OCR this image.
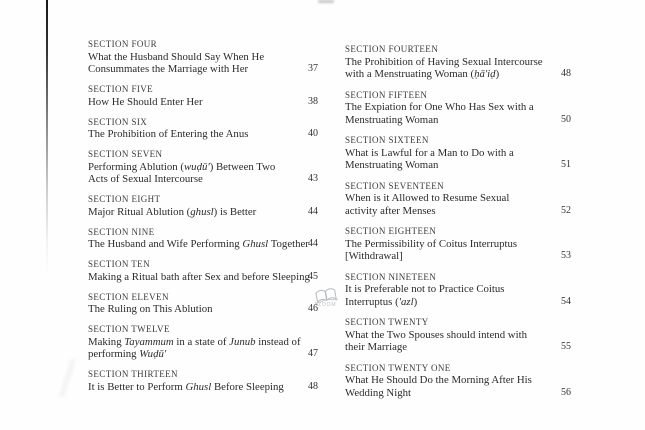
SECTION FOUR
What the Husband Should Say When He
Consummates the Marriage with Her	37
SECTION FIVE
How He Should Enter Her	38
SECTION SIX
The Prohibition of Entering the Anus	40
SECTION SEVEN
Performing Ablution (wuḍū') Between Two
Acts of Sexual Intercourse	43
SECTION EIGHT
Major Ritual Ablution (ghusl) is Better	44
SECTION NINE
The Husband and Wife Performing Ghusl Together 44
SECTION TEN
Making a Ritual bath after Sex and before Sleeping
45
SECTION ELEVEN
The Ruling on This Ablution	46
SECTION TWELVE
Making Tayammum in a state of Junub instead of
performing Wuḍū'	47
SECTION THIRTEEN
It is Better to Perform Ghusl Before Sleeping	48
SECTION FOURTEEN
The Prohibition of Having Sexual Intercourse
with a Menstruating Woman (ḥā'iḍ)	48
SECTION FIFTEEN
The Expiation for One Who Has Sex with a
Menstruating Woman	50
SECTION SIXTEEN
What is Lawful for a Man to Do with a
Menstruating Woman	51
SECTION SEVENTEEN
When is it Allowed to Resume Sexual
activity after Menses	52
SECTION EIGHTEEN
The Permissibility of Coitus Interruptus
[Withdrawal]	53
SECTION NINETEEN
It is Preferable not to Practice Coitus
Interruptus ('azl)	54
SECTION TWENTY
What the Two Spouses should intend with
their Marriage	55
SECTION TWENTY ONE
What He Should Do the Morning After His
Wedding Night	56
AZOOM
